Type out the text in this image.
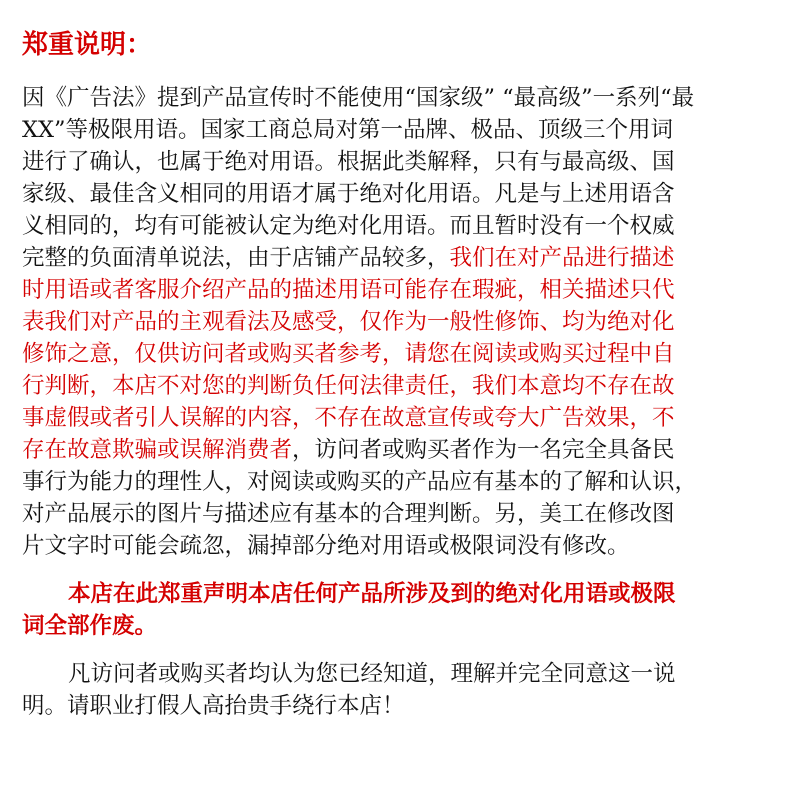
郑重说明：
因《广告法》提到产品宣传时不能使用“国家级” “最高级”一系列“最
XX”等极限用语。国家工商总局对第一品牌、极品、顶级三个用词
进行了确认，也属于绝对用语。根据此类解释，只有与最高级、国
家级、最佳含义相同的用语才属于绝对化用语。凡是与上述用语含
义相同的，均有可能被认定为绝对化用语。而且暂时没有一个权威
完整的负面清单说法，由于店铺产品较多，我们在对产品进行描述
时用语或者客服介绍产品的描述用语可能存在瑕疵，相关描述只代
表我们对产品的主观看法及感受，仅作为一般性修饰、均为绝对化
修饰之意，仅供访问者或购买者参考，请您在阅读或购买过程中自
行判断，本店不对您的判断负任何法律责任，我们本意均不存在故
事虚假或者引人误解的内容，不存在故意宣传或夸大广告效果，不
存在故意欺骗或误解消费者，访问者或购买者作为一名完全具备民
事行为能力的理性人，对阅读或购买的产品应有基本的了解和认识，
对产品展示的图片与描述应有基本的合理判断。另，美工在修改图
片文字时可能会疏忽，漏掉部分绝对用语或极限词没有修改。
本店在此郑重声明本店任何产品所涉及到的绝对化用语或极限
词全部作废。
凡访问者或购买者均认为您已经知道，理解并完全同意这一说
明。请职业打假人高抬贵手绕行本店！
